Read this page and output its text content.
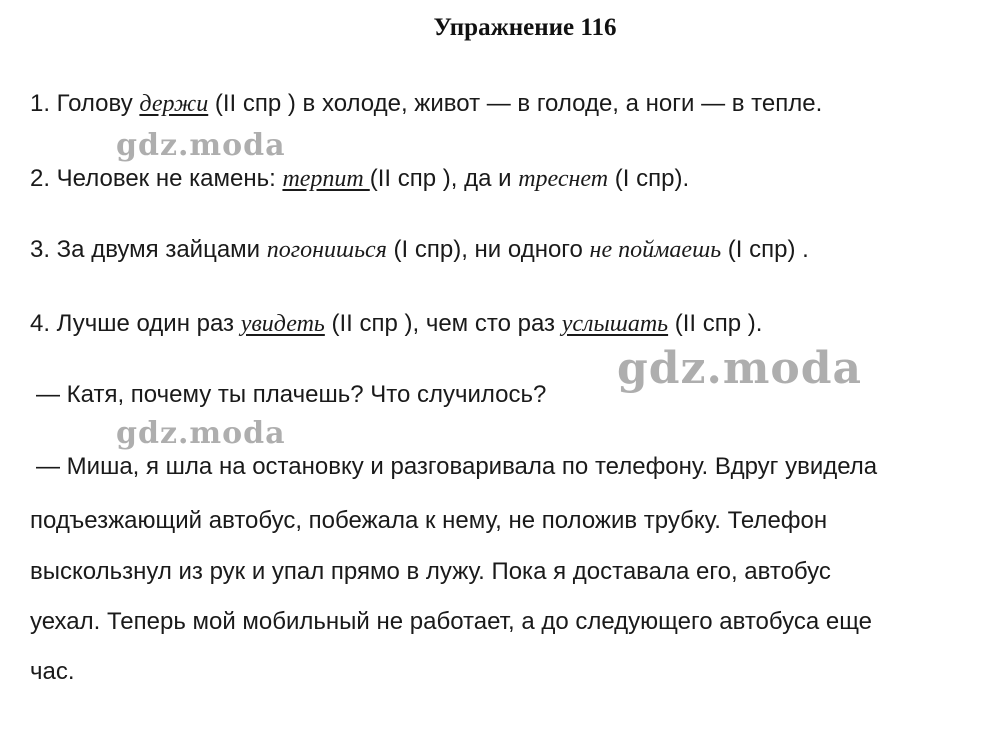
Упражнение 116
1. Голову держи (II спр ) в холоде, живот — в голоде, а ноги — в тепле.
2. Человек не камень: терпит (II спр ), да и треснет (I спр).
3. За двумя зайцами погонишься (I спр), ни одного не поймаешь (I спр) .
4. Лучше один раз увидеть (II спр ), чем сто раз услышать (II спр ).
— Катя, почему ты плачешь? Что случилось?
— Миша, я шла на остановку и разговаривала по телефону. Вдруг увидела
подъезжающий автобус, побежала к нему, не положив трубку. Телефон
выскользнул из рук и упал прямо в лужу. Пока я доставала его, автобус
уехал. Теперь мой мобильный не работает, а до следующего автобуса еще
час.
gdz.moda
gdz.moda
gdz.moda
